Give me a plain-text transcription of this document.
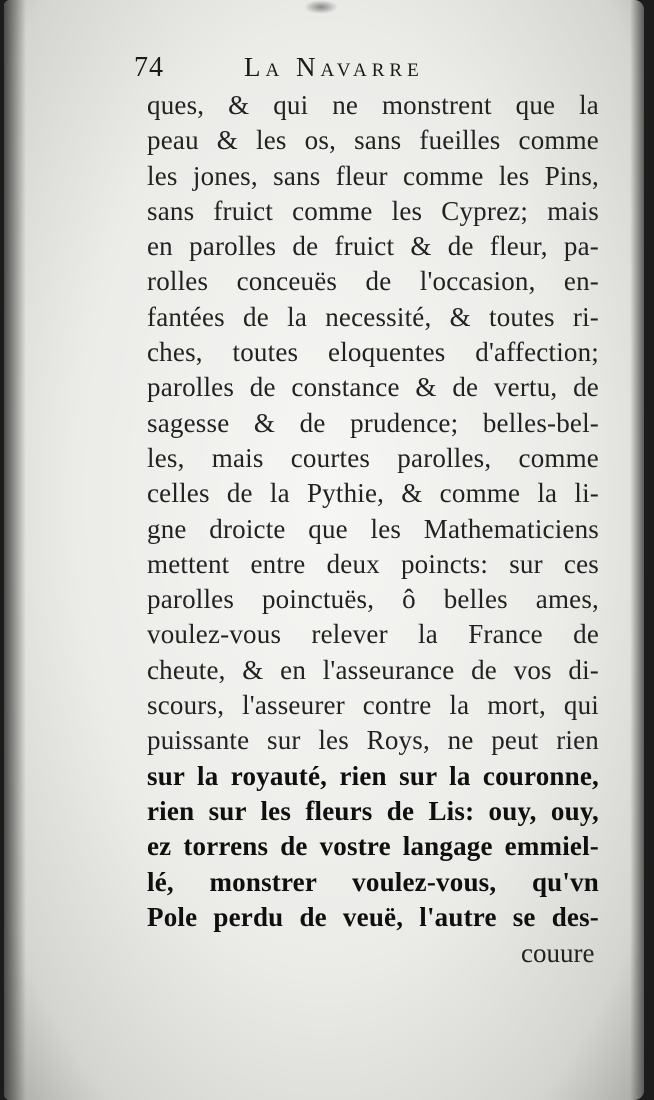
74	La Navarre
ques, & qui ne monstrent que la
peau & les os, sans fueilles comme
les jones, sans fleur comme les Pins,
sans fruict comme les Cyprez; mais
en parolles de fruict & de fleur, pa-
rolles conceuës de l'occasion, en-
fantées de la necessité, & toutes ri-
ches, toutes eloquentes d'affection;
parolles de constance & de vertu, de
sagesse & de prudence; belles-bel-
les, mais courtes parolles, comme
celles de la Pythie, & comme la li-
gne droicte que les Mathematiciens
mettent entre deux poincts: sur ces
parolles poinctuës, ô belles ames,
voulez-vous relever la France de
cheute, & en l'asseurance de vos di-
scours, l'asseurer contre la mort, qui
puissante sur les Roys, ne peut rien
sur la royauté, rien sur la couronne,
rien sur les fleurs de Lis: ouy, ouy,
ez torrens de vostre langage emmiel-
lé, monstrer voulez-vous, qu'vn
Pole perdu de veuë, l'autre se des-
couure
